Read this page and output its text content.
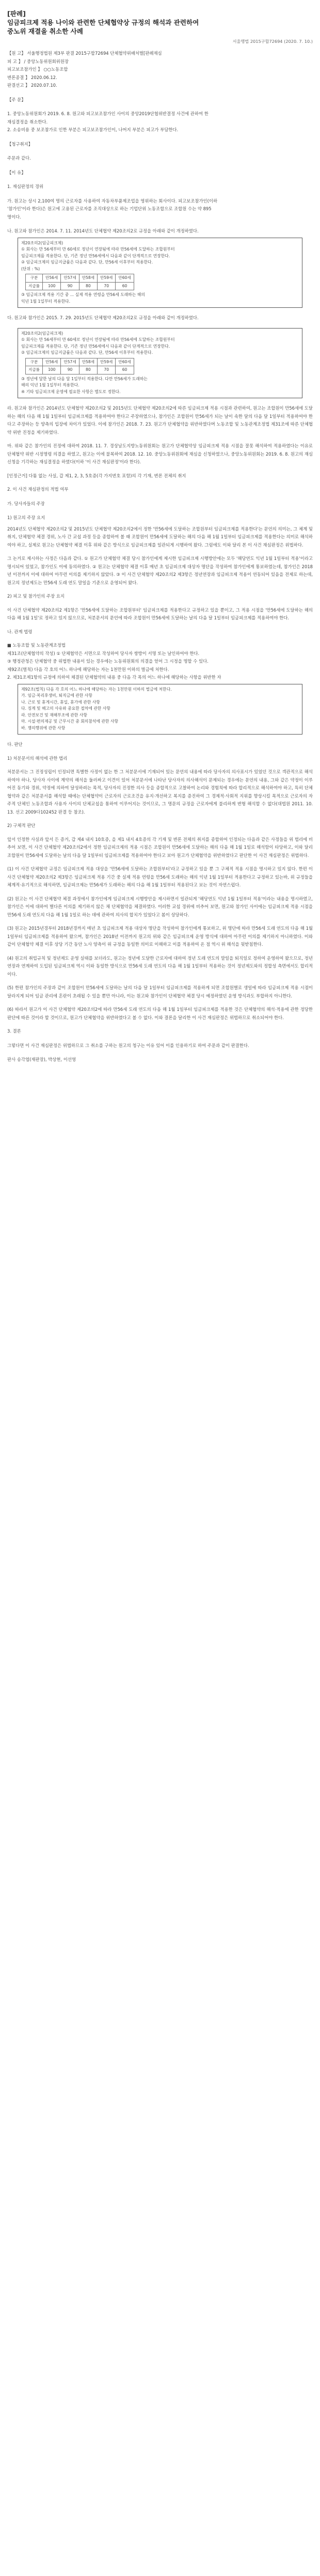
[판례]
임금피크제 적용 나이와 관련한 단체협약상 규정의 해석과 관련하여
중노위 재결을 취소한 사례
서울행법 2015구합72694 (2020. 7. 10.)
【원 고】 서울행정법원 제3부 판결 2015구합72694 단체협약위배처벌[판례재심
피 고 】 / 중앙노동위원회위원장
피고보조참가인 】 ○○노동조합
변론종결 】 2020.06.12.
판결선고 】 2020.07.10.
【주 문】
1. 중앙노동위원회가 2019. 6. 8. 원고와 피고보조참가인 사이의 중앙2019단협위반결정 사건에 관하여 한
재심결정을 취소한다.
2. 소송비용 중 보조참가로 인한 부분은 피고보조참가인이, 나머지 부분은 피고가 부담한다.
【청구취지】
주문과 같다.
【이 유】
1. 재심판정의 경위
가. 원고는 상시 2,100여 명의 근로자를 사용하여 자동차부품제조업을 영위하는 회사이다. 피고보조참가인(이하
'참가인'이라 한다)은 원고에 고용된 근로자를 조직대상으로 하는 기업단위 노동조합으로 조합원 수는 약 895
명이다.
나. 원고와 참가인은 2014. 7. 11. 2014년도 단체협약 제20조의2로 규정을 아래와 같이 개정하였다.
제20조의2(임금피크제)
① 회사는 만 56세부터 만 60세로 정년이 연장됨에 따라 만56세에 도달하는 조합원부터
임금피크제를 적용한다. 단, 기존 정년 만56세에서 다음과 같이 단계적으로 연장한다.
② 임금피크제의 임금지급률은 다음과 같다. 단, 만56세 이후부터 적용한다.
(단위 : %)
구분	만56세	만57세	만58세	만59세	만60세
지급률	100	90	80	70	60
③ 임금피크제 적용 기간 중 ... 실제 적용 연령을 만56세 도래하는 해의
익년 1월 1일부터 적용한다.
다. 원고와 참가인은 2015. 7. 29. 2015년도 단체협약 제20조의2로 규정을 아래와 같이 개정하였다.
제20조의2(임금피크제)
① 회사는 만 56세부터 만 60세로 정년이 연장됨에 따라 만56세에 도달하는 조합원부터
임금피크제를 적용한다. 단, 기존 정년 만56세에서 다음과 같이 단계적으로 연장한다.
② 임금피크제의 임금지급률은 다음과 같다. 단, 만56세 이후부터 적용한다.
구분	만56세	만57세	만58세	만59세	만60세
지급률	100	90	80	70	60
③ 정년에 달한 날의 다음 달 1일부터 적용한다. 다만 만56세가 도래하는
해의 익년 1월 1일부터 적용한다.
④ 기타 임금피크제 운영에 필요한 사항은 별도로 정한다.
라. 원고와 참가인은 2014년도 단체협약 제20조의2 및 2015년도 단체협약 제20조의2에 따른 임금피크제 적용 시점과 관련하여, 원고는 조합원이 만56세에 도달하는 해의 다음 해 1월 1일부터 임금피크제를 적용하여야 한다고 주장하였으나, 참가인은 조합원이 만56세가 되는 날이 속한 달의 다음 달 1일부터 적용하여야 한다고 주장하는 등 양측의 입장에 차이가 있었다. 이에 참가인은 2018. 7. 23. 원고가 단체협약을 위반하였다며 노동조합 및 노동관계조정법 제31조에 따른 단체협약 위반 진정을 제기하였다.
마. 위와 같은 참가인의 진정에 대하여 2018. 11. 7. 경상남도지방노동위원회는 원고가 단체협약상 임금피크제 적용 시점을 잘못 해석하여 적용하였다는 이유로 단체협약 위반 시정명령 의결을 하였고, 원고는 이에 불복하여 2018. 12. 10. 중앙노동위원회에 재심을 신청하였으나, 중앙노동위원회는 2019. 6. 8. 원고의 재심신청을 기각하는 재심결정을 하였다(이하 '이 사건 재심판정'이라 한다).
[인정근거] 다툼 없는 사실, 갑 제1, 2, 3, 5호증(각 가지번호 포함)의 각 기재, 변론 전체의 취지
2. 이 사건 재심판정의 적법 여부
가. 당사자들의 주장
1) 원고의 주장 요지
2014년도 단체협약 제20조의2 및 2015년도 단체협약 제20조의2에서 정한 '만56세에 도달하는 조합원부터 임금피크제를 적용한다'는 문언의 의미는, 그 체계 및 취지, 단체협약 체결 경위, 노사 간 교섭 과정 등을 종합하여 볼 때 조합원이 만56세에 도달하는 해의 다음 해 1월 1일부터 임금피크제를 적용한다는 의미로 해석하여야 하고, 실제로 원고는 단체협약 체결 이후 위와 같은 방식으로 임금피크제를 일관되게 시행하여 왔다. 그럼에도 이와 달리 본 이 사건 재심판정은 위법하다.
그 논거로 제시하는 사정은 다음과 같다. ① 원고가 단체협약 체결 당시 참가인에게 제시한 임금피크제 시행방안에는 모두 '해당연도 익년 1월 1일부터 적용'이라고 명시되어 있었고, 참가인도 이에 동의하였다. ② 원고는 단체협약 체결 이후 매년 초 임금피크제 대상자 명단을 작성하여 참가인에게 통보하였는데, 참가인은 2018년 이전까지 이에 대하여 아무런 이의를 제기하지 않았다. ③ 이 사건 단체협약 제20조의2 제3항은 정년연장과 임금피크제 적용이 연동되어 있음을 전제로 하는데, 원고의 정년제도는 만56세 도래 연도 말일을 기준으로 운영되어 왔다.
2) 피고 및 참가인의 주장 요지
이 사건 단체협약 제20조의2 제1항은 '만56세에 도달하는 조합원부터' 임금피크제를 적용한다고 규정하고 있을 뿐이고, 그 적용 시점을 '만56세에 도달하는 해의 다음 해 1월 1일'로 정하고 있지 않으므로, 처분문서의 문언에 따라 조합원이 만56세에 도달하는 날의 다음 달 1일부터 임금피크제를 적용하여야 한다.
나. 관계 법령
■ 노동조합 및 노동관계조정법
제31조(단체협약의 작성) ① 단체협약은 서면으로 작성하여 당사자 쌍방이 서명 또는 날인하여야 한다.
③ 행정관청은 단체협약 중 위법한 내용이 있는 경우에는 노동위원회의 의결을 얻어 그 시정을 명할 수 있다.
제92조(벌칙) 다음 각 호의 어느 하나에 해당하는 자는 1천만원 이하의 벌금에 처한다.
2. 제31조제1항의 규정에 의하여 체결된 단체협약의 내용 중 다음 각 목의 어느 하나에 해당하는 사항을 위반한 자
제92조(벌칙) 다음 각 호의 어느 하나에 해당하는 자는 1천만원 이하의 벌금에 처한다.
가. 임금·복리후생비, 퇴직금에 관한 사항
나. 근로 및 휴게시간, 휴일, 휴가에 관한 사항
다. 징계 및 해고의 사유와 중요한 절차에 관한 사항
라. 안전보건 및 재해부조에 관한 사항
마. 시설·편의제공 및 근무시간 중 회의참석에 관한 사항
바. 쟁의행위에 관한 사항
다. 판단
1) 처분문서의 해석에 관한 법리
처분문서는 그 진정성립이 인정되면 특별한 사정이 없는 한 그 처분문서에 기재되어 있는 문언의 내용에 따라 당사자의 의사표시가 있었던 것으로 객관적으로 해석하여야 하나, 당사자 사이에 계약의 해석을 둘러싸고 이견이 있어 처분문서에 나타난 당사자의 의사해석이 문제되는 경우에는 문언의 내용, 그와 같은 약정이 이루어진 동기와 경위, 약정에 의하여 달성하려는 목적, 당사자의 진정한 의사 등을 종합적으로 고찰하여 논리와 경험칙에 따라 합리적으로 해석하여야 하고, 특히 단체협약과 같은 처분문서를 해석할 때에는 단체협약이 근로자의 근로조건을 유지·개선하고 복지를 증진하여 그 경제적·사회적 지위를 향상시킬 목적으로 근로자의 자주적 단체인 노동조합과 사용자 사이의 단체교섭을 통하여 이루어지는 것이므로, 그 명문의 규정을 근로자에게 불리하게 변형 해석할 수 없다(대법원 2011. 10. 13. 선고 2009다102452 판결 등 참조).
2) 구체적 판단
앞서 인정한 사실과 앞서 든 증거, 갑 제4 내지 10호증, 을 제1 내지 4호증의 각 기재 및 변론 전체의 취지를 종합하여 인정되는 다음과 같은 사정들을 위 법리에 비추어 보면, 이 사건 단체협약 제20조의2에서 정한 임금피크제의 적용 시점은 조합원이 만56세에 도달하는 해의 다음 해 1월 1일로 해석함이 타당하고, 이와 달리 조합원이 만56세에 도달하는 날의 다음 달 1일부터 임금피크제를 적용하여야 한다고 보아 원고가 단체협약을 위반하였다고 판단한 이 사건 재심판정은 위법하다.
(1) 이 사건 단체협약 규정은 임금피크제 적용 대상을 '만56세에 도달하는 조합원부터'라고 규정하고 있을 뿐 그 구체적 적용 시점을 명시하고 있지 않다. 한편 이 사건 단체협약 제20조의2 제3항은 임금피크제 적용 기간 중 실제 적용 연령을 만56세 도래하는 해의 익년 1월 1일부터 적용한다고 규정하고 있는바, 위 규정들을 체계적·유기적으로 해석하면, 임금피크제는 만56세가 도래하는 해의 다음 해 1월 1일부터 적용된다고 보는 것이 자연스럽다.
(2) 원고는 이 사건 단체협약 체결 과정에서 참가인에게 임금피크제 시행방안을 제시하면서 일관되게 '해당연도 익년 1월 1일부터 적용'이라는 내용을 명시하였고, 참가인은 이에 대하여 별다른 이의를 제기하지 않은 채 단체협약을 체결하였다. 이러한 교섭 경위에 비추어 보면, 원고와 참가인 사이에는 임금피크제 적용 시점을 만56세 도래 연도의 다음 해 1월 1일로 하는 데에 관하여 의사의 합치가 있었다고 봄이 상당하다.
(3) 원고는 2015년경부터 2018년경까지 매년 초 임금피크제 적용 대상자 명단을 작성하여 참가인에게 통보하고, 위 명단에 따라 만56세 도래 연도의 다음 해 1월 1일부터 임금피크제를 적용하여 왔으며, 참가인은 2018년 이전까지 원고의 위와 같은 임금피크제 운영 방식에 대하여 아무런 이의를 제기하지 아니하였다. 이와 같이 단체협약 체결 이후 상당 기간 동안 노사 양측이 위 규정을 동일한 의미로 이해하고 이를 적용하여 온 점 역시 위 해석을 뒷받침한다.
(4) 원고의 취업규칙 및 정년제도 운영 실태를 보더라도, 원고는 정년에 도달한 근로자에 대하여 정년 도래 연도의 말일을 퇴직일로 정하여 운영하여 왔으므로, 정년연장과 연계하여 도입된 임금피크제 역시 이와 동일한 방식으로 만56세 도래 연도의 다음 해 1월 1일부터 적용하는 것이 정년제도와의 정합성 측면에서도 합리적이다.
(5) 한편 참가인의 주장과 같이 조합원이 만56세에 도달하는 날의 다음 달 1일부터 임금피크제를 적용하게 되면 조합원별로 생일에 따라 임금피크제 적용 시점이 달라지게 되어 임금 관리에 혼란이 초래될 수 있을 뿐만 아니라, 이는 원고와 참가인이 단체협약 체결 당시 예정하였던 운영 방식과도 부합하지 아니한다.
(6) 따라서 원고가 이 사건 단체협약 제20조의2에 따라 만56세 도래 연도의 다음 해 1월 1일부터 임금피크제를 적용한 것은 단체협약의 해석·적용에 관한 정당한 판단에 따른 것이라 할 것이므로, 원고가 단체협약을 위반하였다고 볼 수 없다. 이와 결론을 달리한 이 사건 재심판정은 위법하므로 취소되어야 한다.
3. 결론
그렇다면 이 사건 재심판정은 위법하므로 그 취소를 구하는 원고의 청구는 이유 있어 이를 인용하기로 하여 주문과 같이 판결한다.
판사 송각엽(재판장), 박상현, 이선영
